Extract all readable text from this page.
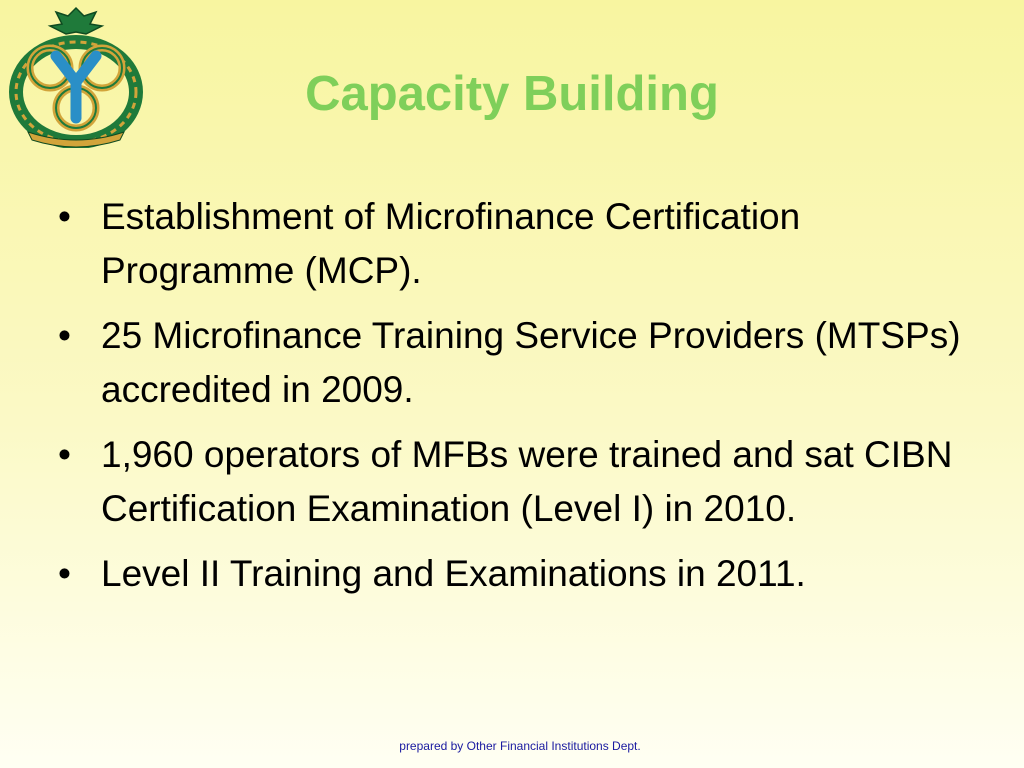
Capacity Building
• Establishment of Microfinance Certification Programme (MCP).
• 25 Microfinance Training Service Providers (MTSPs) accredited in 2009.
• 1,960 operators of MFBs were trained and sat CIBN Certification Examination (Level I) in 2010.
• Level II Training and Examinations in 2011.
prepared by Other Financial Institutions Dept.
